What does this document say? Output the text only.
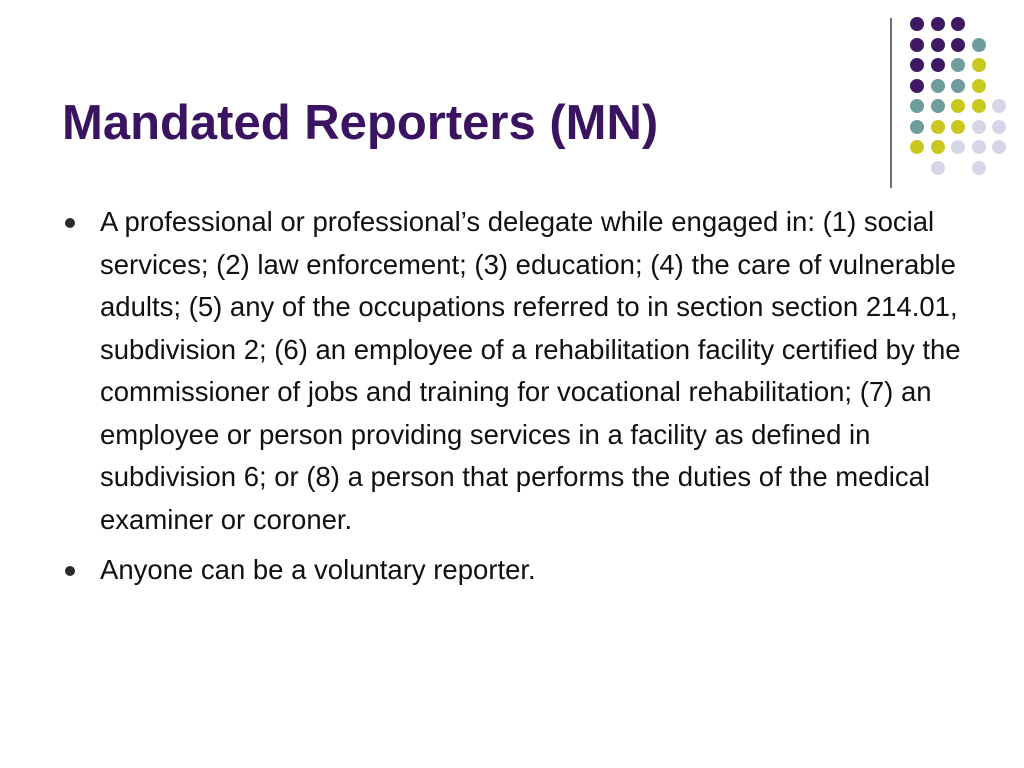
Mandated Reporters (MN)
A professional or professional’s delegate while engaged in: (1) social services; (2) law enforcement; (3) education; (4) the care of vulnerable adults; (5) any of the occupations referred to in section section 214.01, subdivision 2; (6) an employee of a rehabilitation facility certified by the commissioner of jobs and training for vocational rehabilitation; (7) an employee or person providing services in a facility as defined in subdivision 6; or (8) a person that performs the duties of the medical examiner or coroner.
Anyone can be a voluntary reporter.
